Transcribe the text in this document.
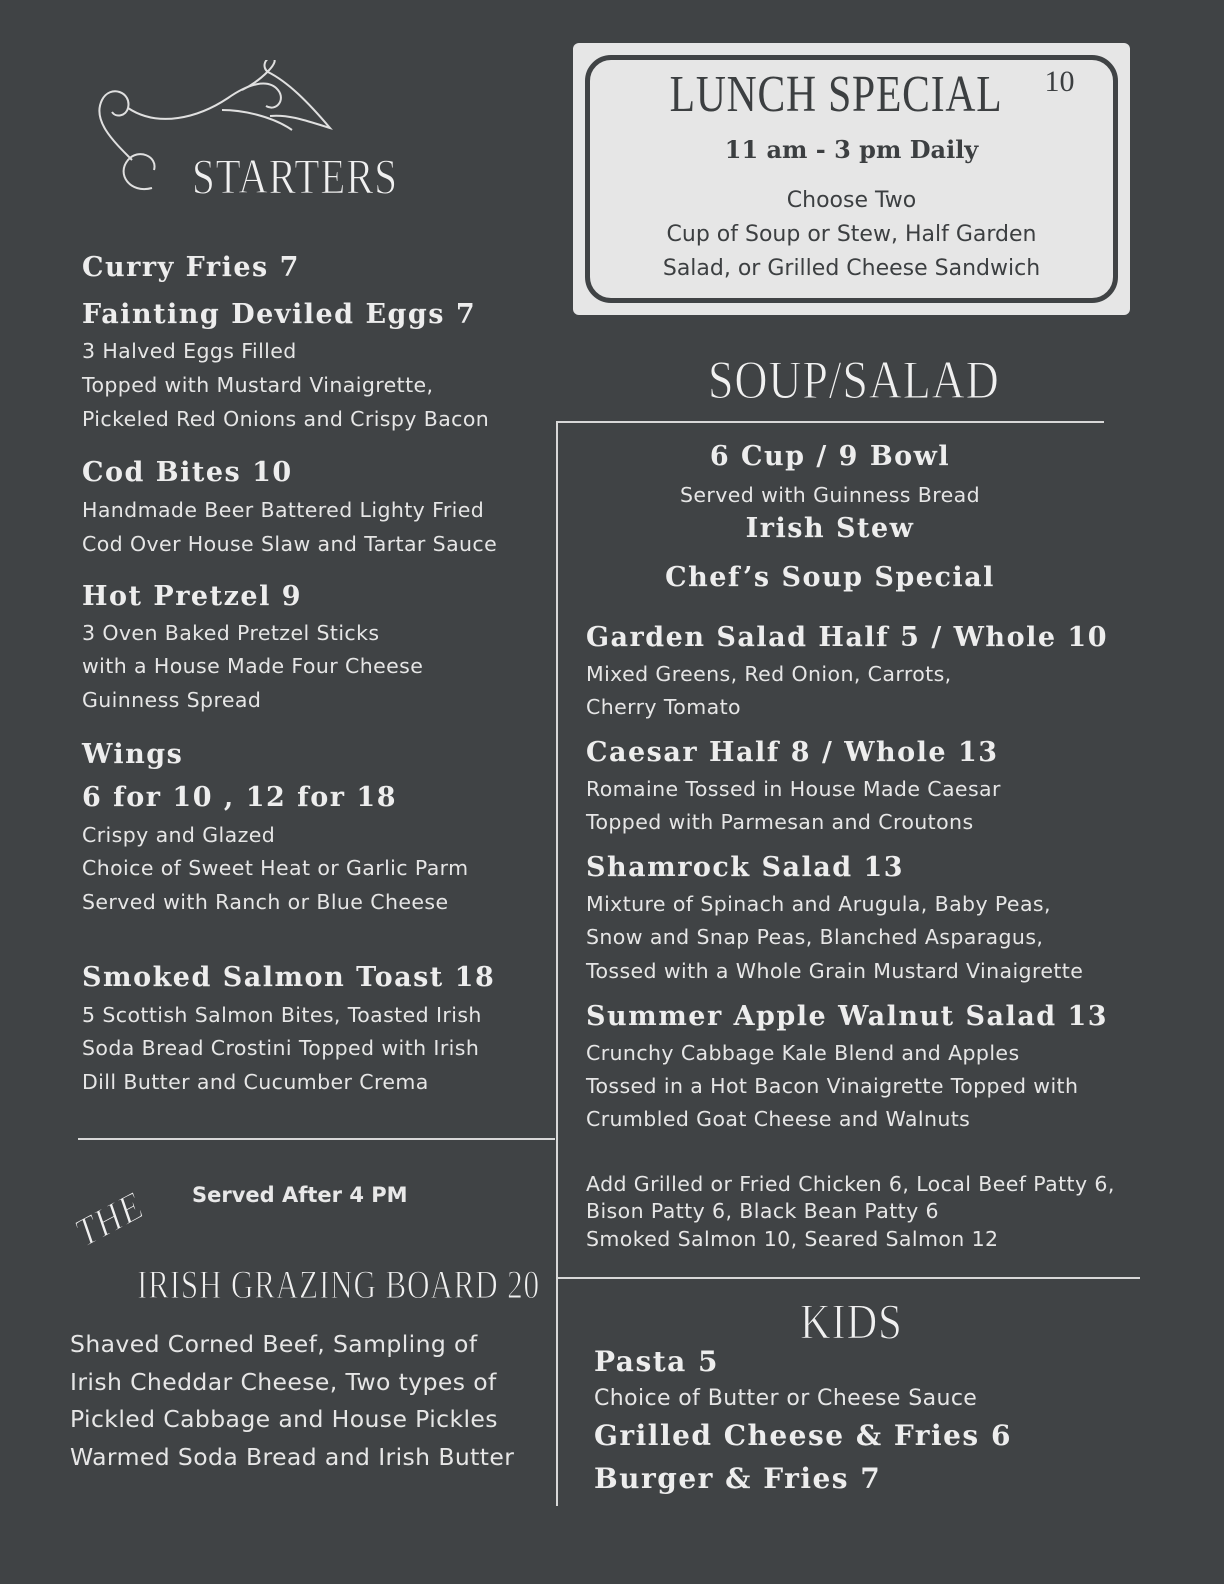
STARTERS
Curry Fries 7
Fainting Deviled Eggs 7
3 Halved Eggs Filled
Topped with Mustard Vinaigrette,
Pickeled Red Onions and Crispy Bacon
Cod Bites 10
Handmade Beer Battered Lighty Fried
Cod Over House Slaw and Tartar Sauce
Hot Pretzel 9
3 Oven Baked Pretzel Sticks
with a House Made Four Cheese
Guinness Spread
Wings
6 for 10 , 12 for 18
Crispy and Glazed
Choice of Sweet Heat or Garlic Parm
Served with Ranch or Blue Cheese
Smoked Salmon Toast 18
5 Scottish Salmon Bites, Toasted Irish
Soda Bread Crostini Topped with Irish
Dill Butter and Cucumber Crema
Served After 4 PM
THE
IRISH GRAZING BOARD 20
Shaved Corned Beef, Sampling of
Irish Cheddar Cheese, Two types of
Pickled Cabbage and House Pickles
Warmed Soda Bread and Irish Butter
LUNCH SPECIAL 10
11 am - 3 pm Daily
Choose Two
Cup of Soup or Stew, Half Garden
Salad, or Grilled Cheese Sandwich
SOUP/SALAD
6 Cup / 9 Bowl
Served with Guinness Bread
Irish Stew
Chef’s Soup Special
Garden Salad Half 5 / Whole 10
Mixed Greens, Red Onion, Carrots,
Cherry Tomato
Caesar Half 8 / Whole 13
Romaine Tossed in House Made Caesar
Topped with Parmesan and Croutons
Shamrock Salad 13
Mixture of Spinach and Arugula, Baby Peas,
Snow and Snap Peas, Blanched Asparagus,
Tossed with a Whole Grain Mustard Vinaigrette
Summer Apple Walnut Salad 13
Crunchy Cabbage Kale Blend and Apples
Tossed in a Hot Bacon Vinaigrette Topped with
Crumbled Goat Cheese and Walnuts
Add Grilled or Fried Chicken 6, Local Beef Patty 6,
Bison Patty 6, Black Bean Patty 6
Smoked Salmon 10, Seared Salmon 12
KIDS
Pasta 5
Choice of Butter or Cheese Sauce
Grilled Cheese & Fries 6
Burger & Fries 7
